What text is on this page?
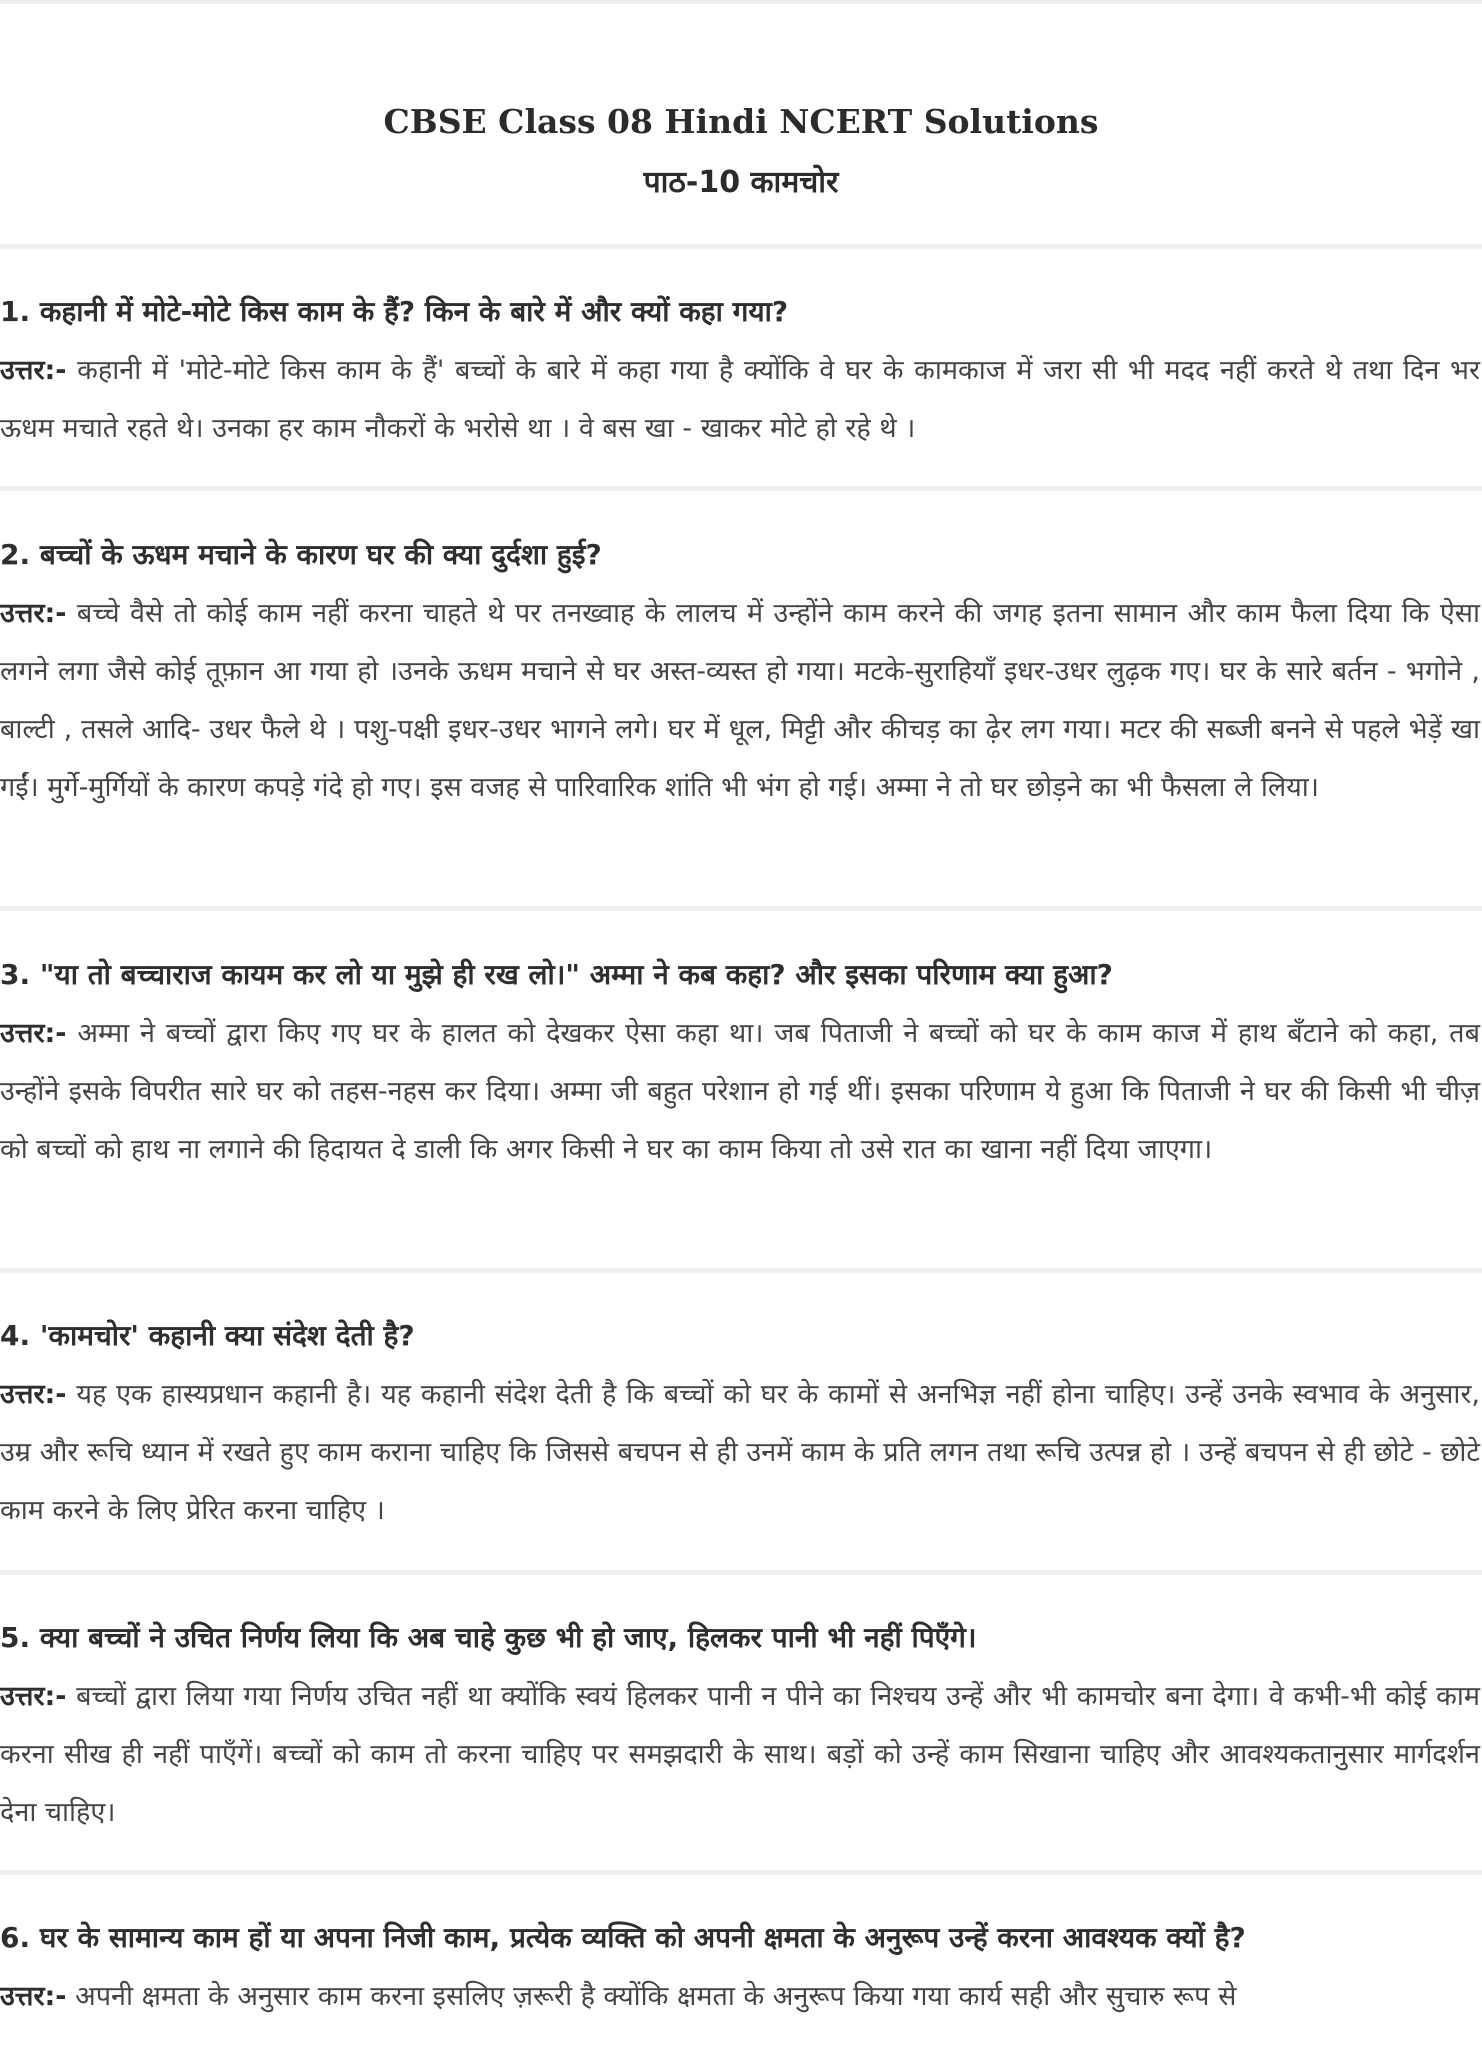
CBSE Class 08 Hindi NCERT Solutions
पाठ-10 कामचोर
1. कहानी में मोटे-मोटे किस काम के हैं? किन के बारे में और क्यों कहा गया?
उत्तर:- कहानी में 'मोटे-मोटे किस काम के हैं' बच्चों के बारे में कहा गया है क्योंकि वे घर के कामकाज में जरा सी भी मदद नहीं करते थे तथा दिन भर ऊधम मचाते रहते थे। उनका हर काम नौकरों के भरोसे था । वे बस खा - खाकर मोटे हो रहे थे ।
2. बच्चों के ऊधम मचाने के कारण घर की क्या दुर्दशा हुई?
उत्तर:- बच्चे वैसे तो कोई काम नहीं करना चाहते थे पर तनख्वाह के लालच में उन्होंने काम करने की जगह इतना सामान और काम फैला दिया कि ऐसा लगने लगा जैसे कोई तूफ़ान आ गया हो ।उनके ऊधम मचाने से घर अस्त-व्यस्त हो गया। मटके-सुराहियाँ इधर-उधर लुढ़क गए। घर के सारे बर्तन - भगोने , बाल्टी , तसले आदि- उधर फैले थे । पशु-पक्षी इधर-उधर भागने लगे। घर में धूल, मिट्टी और कीचड़ का ढ़ेर लग गया। मटर की सब्जी बनने से पहले भेड़ें खा गईं। मुर्गे-मुर्गियों के कारण कपड़े गंदे हो गए। इस वजह से पारिवारिक शांति भी भंग हो गई। अम्मा ने तो घर छोड़ने का भी फैसला ले लिया।
3. "या तो बच्चाराज कायम कर लो या मुझे ही रख लो।" अम्मा ने कब कहा? और इसका परिणाम क्या हुआ?
उत्तर:- अम्मा ने बच्चों द्वारा किए गए घर के हालत को देखकर ऐसा कहा था। जब पिताजी ने बच्चों को घर के काम काज में हाथ बँटाने को कहा, तब उन्होंने इसके विपरीत सारे घर को तहस-नहस कर दिया। अम्मा जी बहुत परेशान हो गई थीं। इसका परिणाम ये हुआ कि पिताजी ने घर की किसी भी चीज़ को बच्चों को हाथ ना लगाने की हिदायत दे डाली कि अगर किसी ने घर का काम किया तो उसे रात का खाना नहीं दिया जाएगा।
4. 'कामचोर' कहानी क्या संदेश देती है?
उत्तर:- यह एक हास्यप्रधान कहानी है। यह कहानी संदेश देती है कि बच्चों को घर के कामों से अनभिज्ञ नहीं होना चाहिए। उन्हें उनके स्वभाव के अनुसार, उम्र और रूचि ध्यान में रखते हुए काम कराना चाहिए कि जिससे बचपन से ही उनमें काम के प्रति लगन तथा रूचि उत्पन्न हो । उन्हें बचपन से ही छोटे - छोटे काम करने के लिए प्रेरित करना चाहिए ।
5. क्या बच्चों ने उचित निर्णय लिया कि अब चाहे कुछ भी हो जाए, हिलकर पानी भी नहीं पिएँगे।
उत्तर:- बच्चों द्वारा लिया गया निर्णय उचित नहीं था क्योंकि स्वयं हिलकर पानी न पीने का निश्चय उन्हें और भी कामचोर बना देगा। वे कभी-भी कोई काम करना सीख ही नहीं पाएँगें। बच्चों को काम तो करना चाहिए पर समझदारी के साथ। बड़ों को उन्हें काम सिखाना चाहिए और आवश्यकतानुसार मार्गदर्शन देना चाहिए।
6. घर के सामान्य काम हों या अपना निजी काम, प्रत्येक व्यक्ति को अपनी क्षमता के अनुरूप उन्हें करना आवश्यक क्यों है?
उत्तर:- अपनी क्षमता के अनुसार काम करना इसलिए ज़रूरी है क्योंकि क्षमता के अनुरूप किया गया कार्य सही और सुचारु रूप से
